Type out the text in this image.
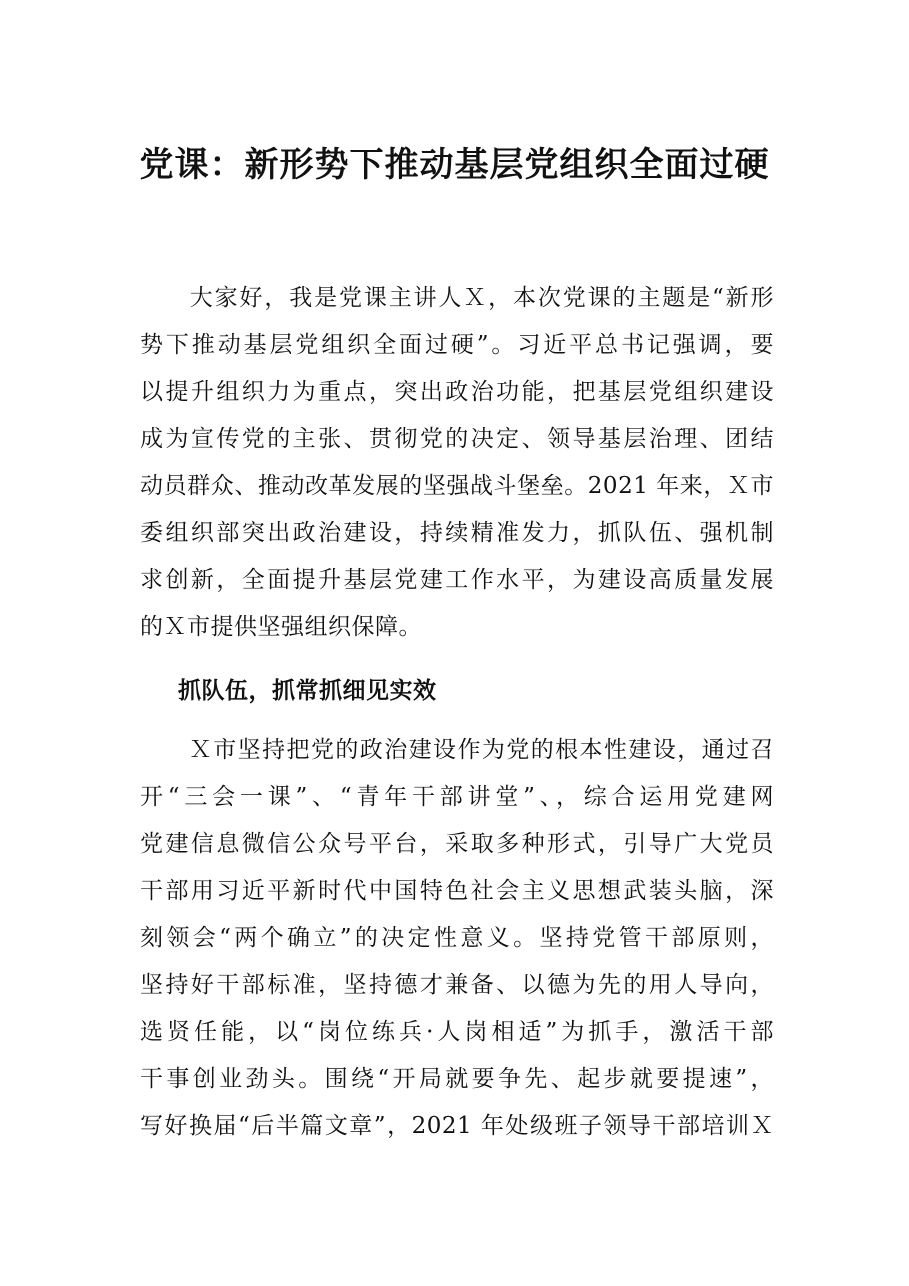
党课：新形势下推动基层党组织全面过硬
　　大家好，我是党课主讲人Ｘ，本次党课的主题是“新形
势下推动基层党组织全面过硬”。习近平总书记强调，要
以提升组织力为重点，突出政治功能，把基层党组织建设
成为宣传党的主张、贯彻党的决定、领导基层治理、团结
动员群众、推动改革发展的坚强战斗堡垒。2021 年来，Ｘ市
委组织部突出政治建设，持续精准发力，抓队伍、强机制
求创新，全面提升基层党建工作水平，为建设高质量发展
的Ｘ市提供坚强组织保障。
抓队伍，抓常抓细见实效
　　Ｘ市坚持把党的政治建设作为党的根本性建设，通过召
开“三会一课”、“青年干部讲堂”、，综合运用党建网
党建信息微信公众号平台，采取多种形式，引导广大党员
干部用习近平新时代中国特色社会主义思想武装头脑，深
刻领会“两个确立”的决定性意义。坚持党管干部原则，
坚持好干部标准，坚持德才兼备、以德为先的用人导向，
选贤任能，以“岗位练兵·人岗相适”为抓手，激活干部
干事创业劲头。围绕“开局就要争先、起步就要提速”，
写好换届“后半篇文章”，2021 年处级班子领导干部培训Ｘ
